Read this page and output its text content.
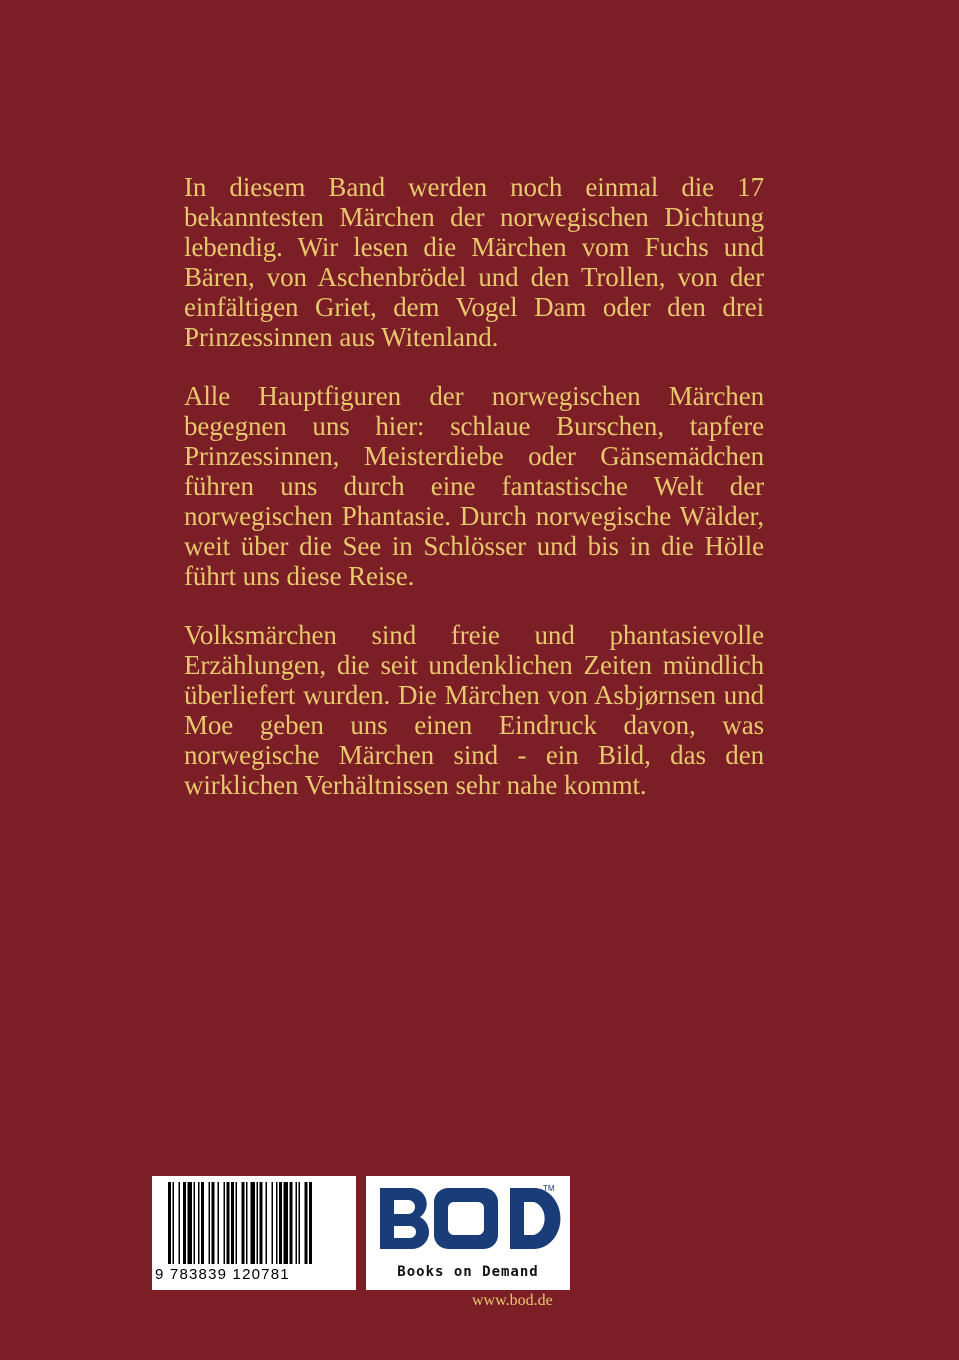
In diesem Band werden noch einmal die 17 bekanntesten Märchen der norwegischen Dichtung lebendig. Wir lesen die Märchen vom Fuchs und Bären, von Aschenbrödel und den Trollen, von der einfältigen Griet, dem Vogel Dam oder den drei Prinzessinnen aus Witenland.

Alle Hauptfiguren der norwegischen Märchen begegnen uns hier: schlaue Burschen, tapfere Prinzessinnen, Meisterdiebe oder Gänsemädchen führen uns durch eine fantastische Welt der norwegischen Phantasie. Durch norwegische Wälder, weit über die See in Schlösser und bis in die Hölle führt uns diese Reise.

Volksmärchen sind freie und phantasievolle Erzählungen, die seit undenklichen Zeiten mündlich überliefert wurden. Die Märchen von Asbjørnsen und Moe geben uns einen Eindruck davon, was norwegische Märchen sind - ein Bild, das den wirklichen Verhältnissen sehr nahe kommt.

9 783839 120781
TM
Books on Demand
www.bod.de
